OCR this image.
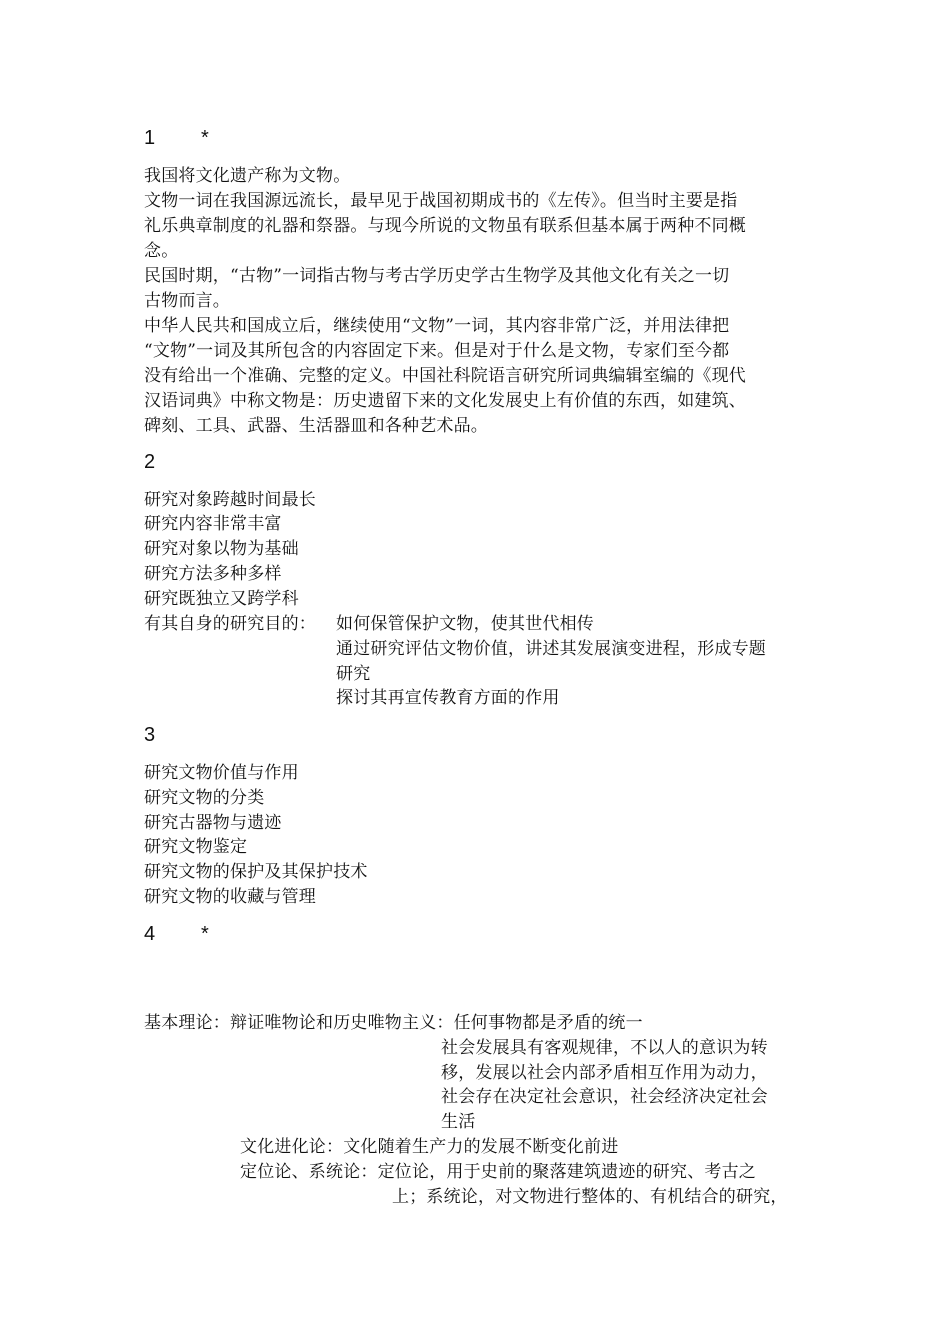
1 *
我国将文化遗产称为文物。
文物一词在我国源远流长，最早见于战国初期成书的《左传》。但当时主要是指
礼乐典章制度的礼器和祭器。与现今所说的文物虽有联系但基本属于两种不同概
念。
民国时期，“古物”一词指古物与考古学历史学古生物学及其他文化有关之一切
古物而言。
中华人民共和国成立后，继续使用“文物”一词，其内容非常广泛，并用法律把
“文物”一词及其所包含的内容固定下来。但是对于什么是文物，专家们至今都
没有给出一个准确、完整的定义。中国社科院语言研究所词典编辑室编的《现代
汉语词典》中称文物是：历史遗留下来的文化发展史上有价值的东西，如建筑、
碑刻、工具、武器、生活器皿和各种艺术品。
2
研究对象跨越时间最长
研究内容非常丰富
研究对象以物为基础
研究方法多种多样
研究既独立又跨学科
有其自身的研究目的： 如何保管保护文物，使其世代相传
通过研究评估文物价值，讲述其发展演变进程，形成专题
研究
探讨其再宣传教育方面的作用
3
研究文物价值与作用
研究文物的分类
研究古器物与遗迹
研究文物鉴定
研究文物的保护及其保护技术
研究文物的收藏与管理
4 *
基本理论：辩证唯物论和历史唯物主义：任何事物都是矛盾的统一
社会发展具有客观规律，不以人的意识为转
移，发展以社会内部矛盾相互作用为动力，
社会存在决定社会意识，社会经济决定社会
生活
文化进化论：文化随着生产力的发展不断变化前进
定位论、系统论：定位论，用于史前的聚落建筑遗迹的研究、考古之
上；系统论，对文物进行整体的、有机结合的研究，
